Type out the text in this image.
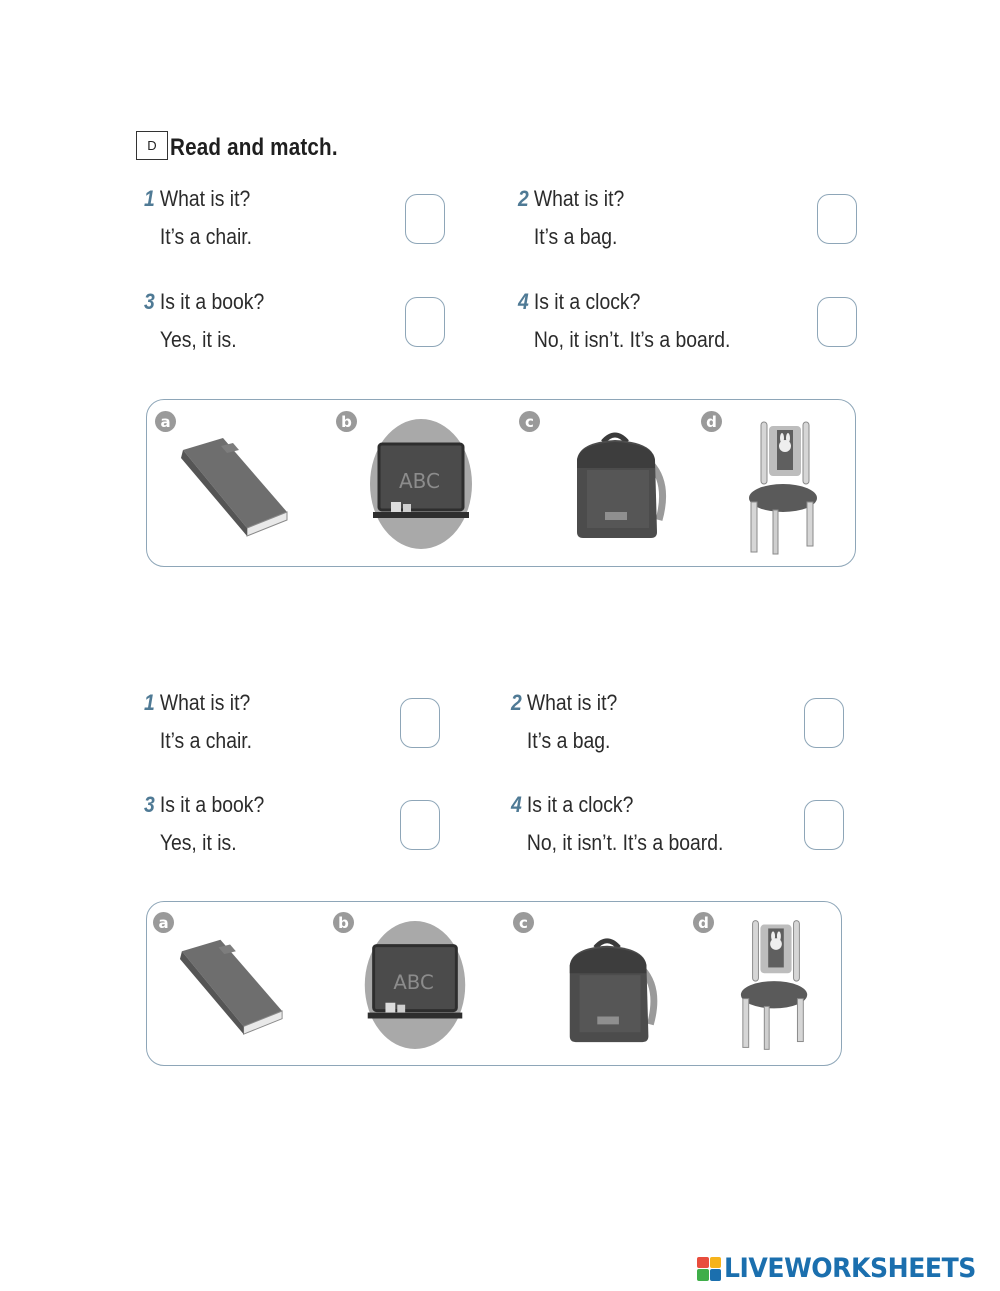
D Read and match.
1 What is it?
It’s a chair.
2 What is it?
It’s a bag.
3 Is it a book?
Yes, it is.
4 Is it a clock?
No, it isn’t. It’s a board.
a	b
ABC
c	d
1 What is it?
It’s a chair.
2 What is it?
It’s a bag.
3 Is it a book?
Yes, it is.
4 Is it a clock?
No, it isn’t. It’s a board.
a	b
ABC
c	d
LIVEWORKSHEETS
